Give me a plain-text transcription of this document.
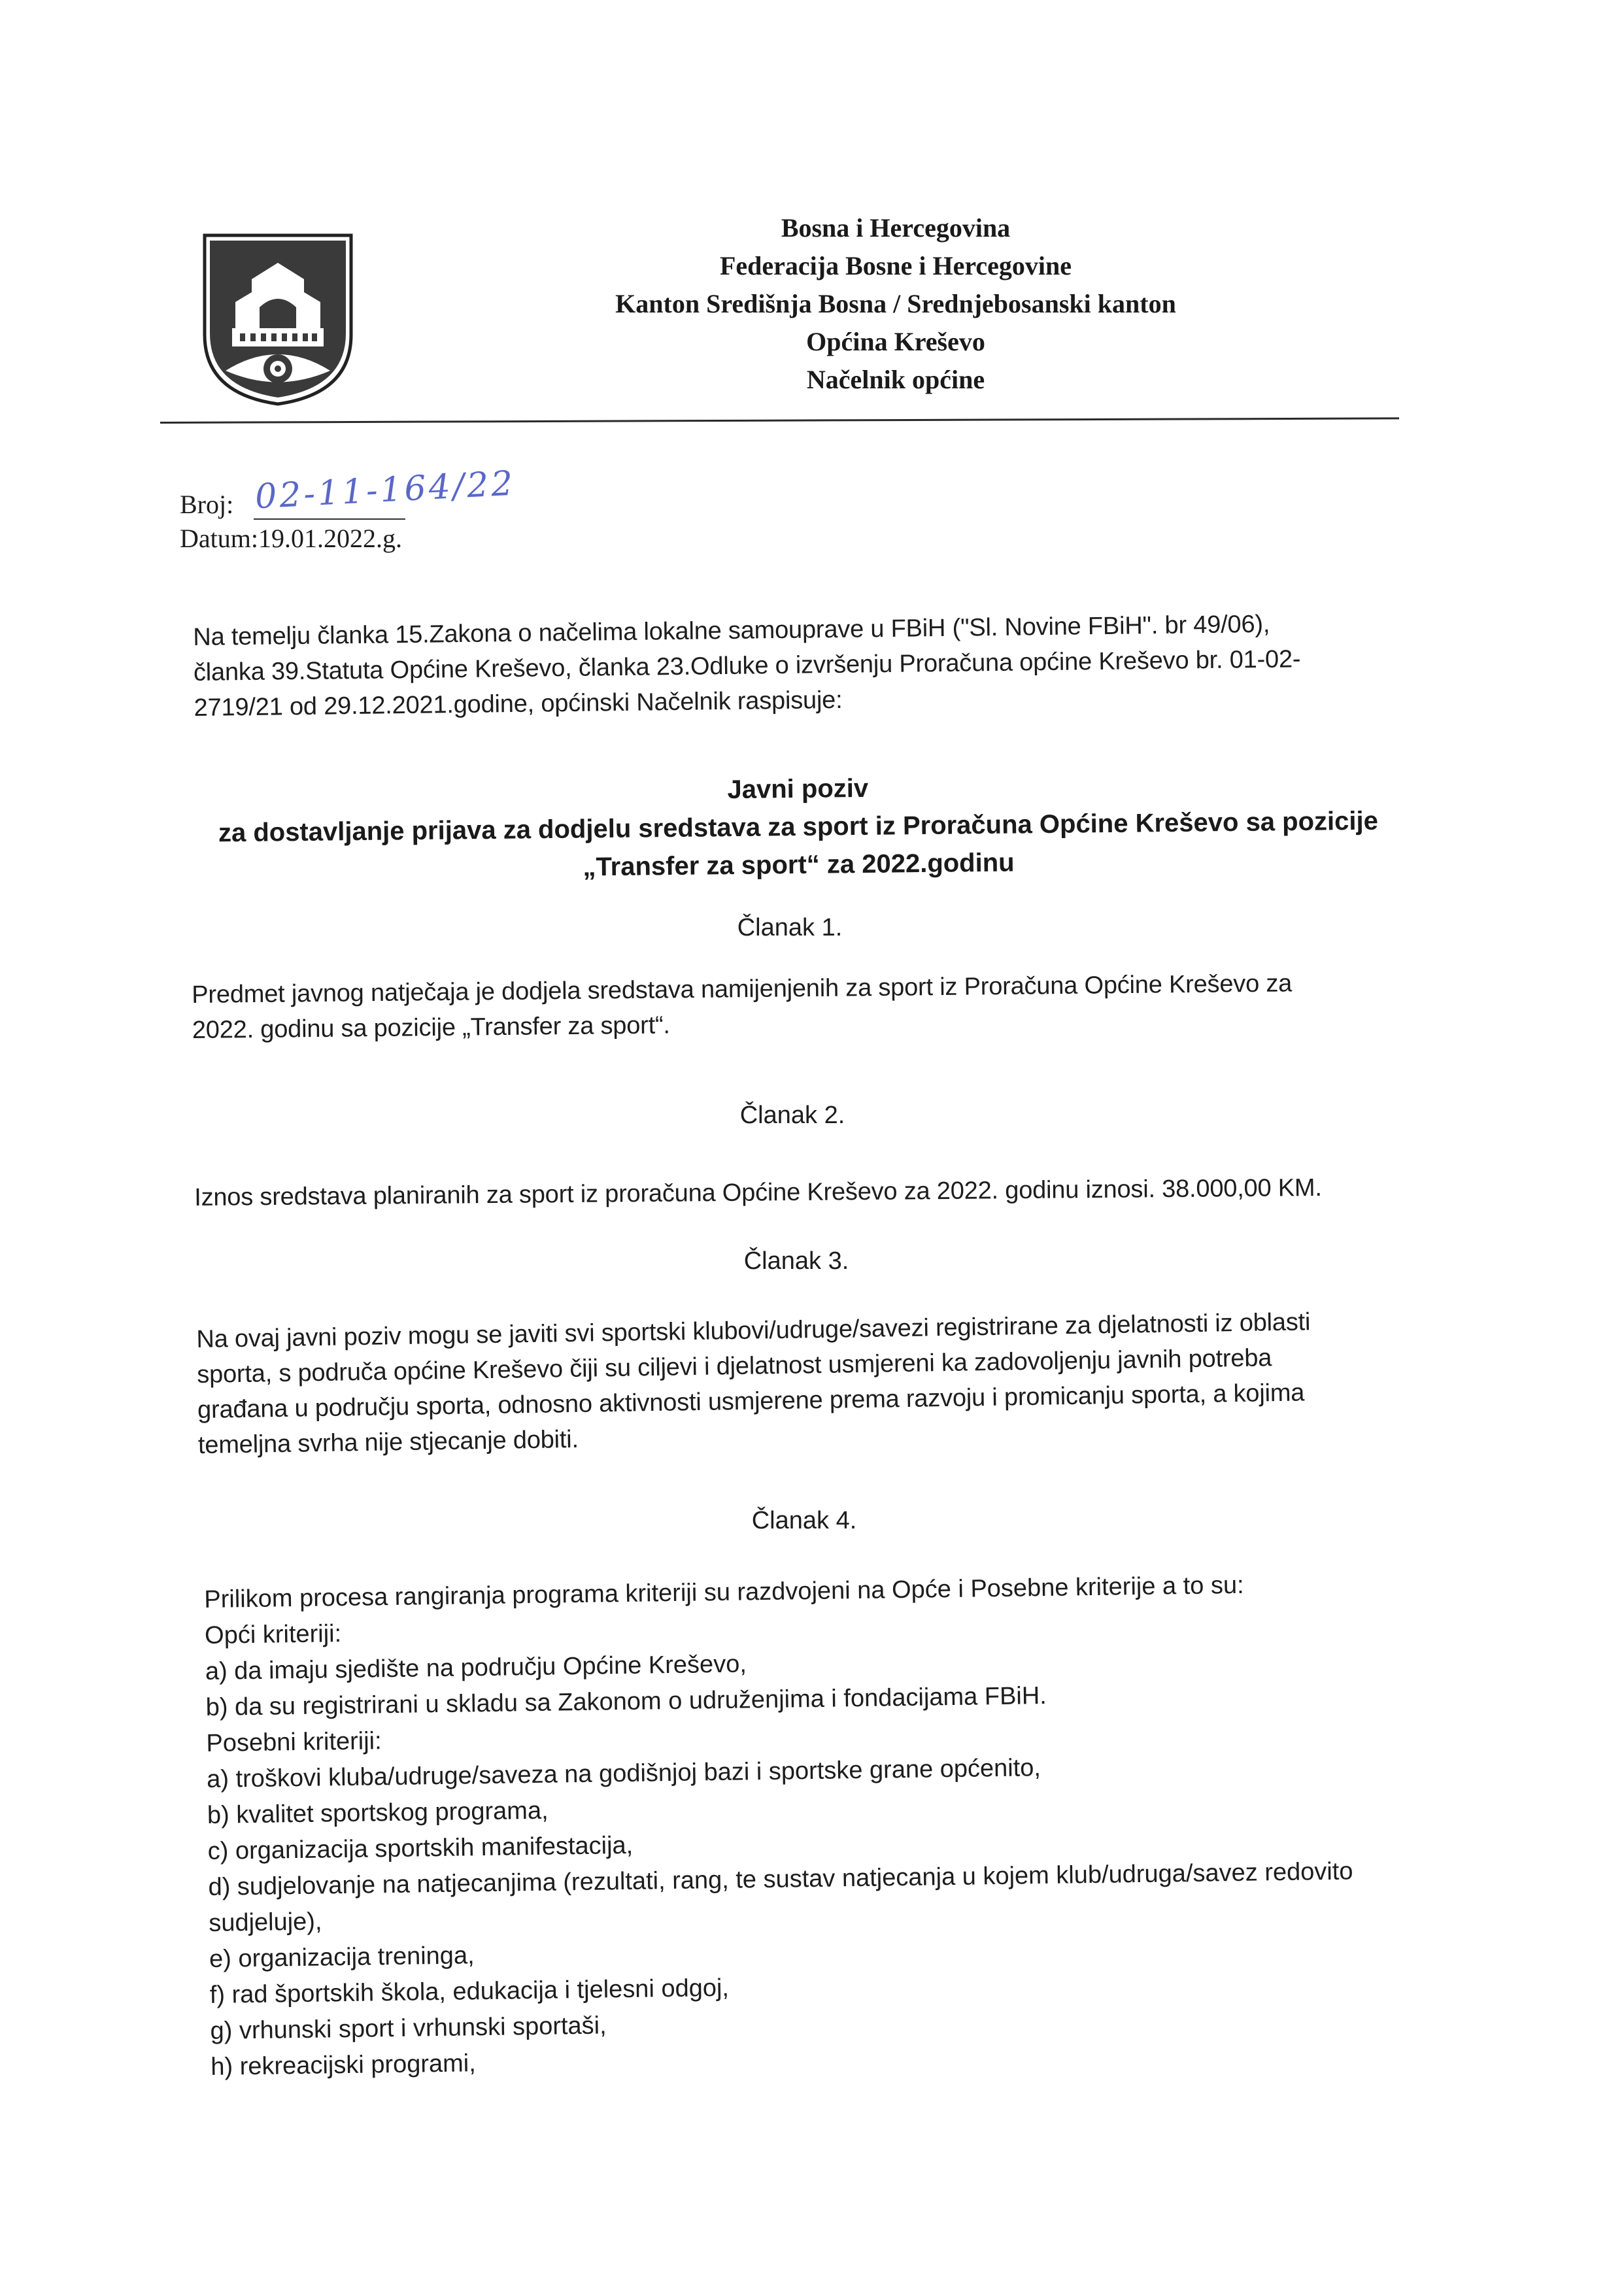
Bosna i Hercegovina
Federacija Bosne i Hercegovine
Kanton Središnja Bosna / Srednjebosanski kanton
Općina Kreševo
Načelnik općine
Broj: 02-11-164/22
Datum:19.01.2022.g.
Na temelju članka 15.Zakona o načelima lokalne samouprave u FBiH ("Sl. Novine FBiH". br 49/06),
članka 39.Statuta Općine Kreševo, članka 23.Odluke o izvršenju Proračuna općine Kreševo br. 01-02-
2719/21 od 29.12.2021.godine, općinski Načelnik raspisuje:
Javni poziv
za dostavljanje prijava za dodjelu sredstava za sport iz Proračuna Općine Kreševo sa pozicije
„Transfer za sport“ za 2022.godinu
Članak 1.
Predmet javnog natječaja je dodjela sredstava namijenjenih za sport iz Proračuna Općine Kreševo za
2022. godinu sa pozicije „Transfer za sport“.
Članak 2.
Iznos sredstava planiranih za sport iz proračuna Općine Kreševo za 2022. godinu iznosi. 38.000,00 KM.
Članak 3.
Na ovaj javni poziv mogu se javiti svi sportski klubovi/udruge/savezi registrirane za djelatnosti iz oblasti
sporta, s područa općine Kreševo čiji su ciljevi i djelatnost usmjereni ka zadovoljenju javnih potreba
građana u području sporta, odnosno aktivnosti usmjerene prema razvoju i promicanju sporta, a kojima
temeljna svrha nije stjecanje dobiti.
Članak 4.
Prilikom procesa rangiranja programa kriteriji su razdvojeni na Opće i Posebne kriterije a to su:
Opći kriteriji:
a) da imaju sjedište na području Općine Kreševo,
b) da su registrirani u skladu sa Zakonom o udruženjima i fondacijama FBiH.
Posebni kriteriji:
a) troškovi kluba/udruge/saveza na godišnjoj bazi i sportske grane općenito,
b) kvalitet sportskog programa,
c) organizacija sportskih manifestacija,
d) sudjelovanje na natjecanjima (rezultati, rang, te sustav natjecanja u kojem klub/udruga/savez redovito
sudjeluje),
e) organizacija treninga,
f) rad športskih škola, edukacija i tjelesni odgoj,
g) vrhunski sport i vrhunski sportaši,
h) rekreacijski programi,
